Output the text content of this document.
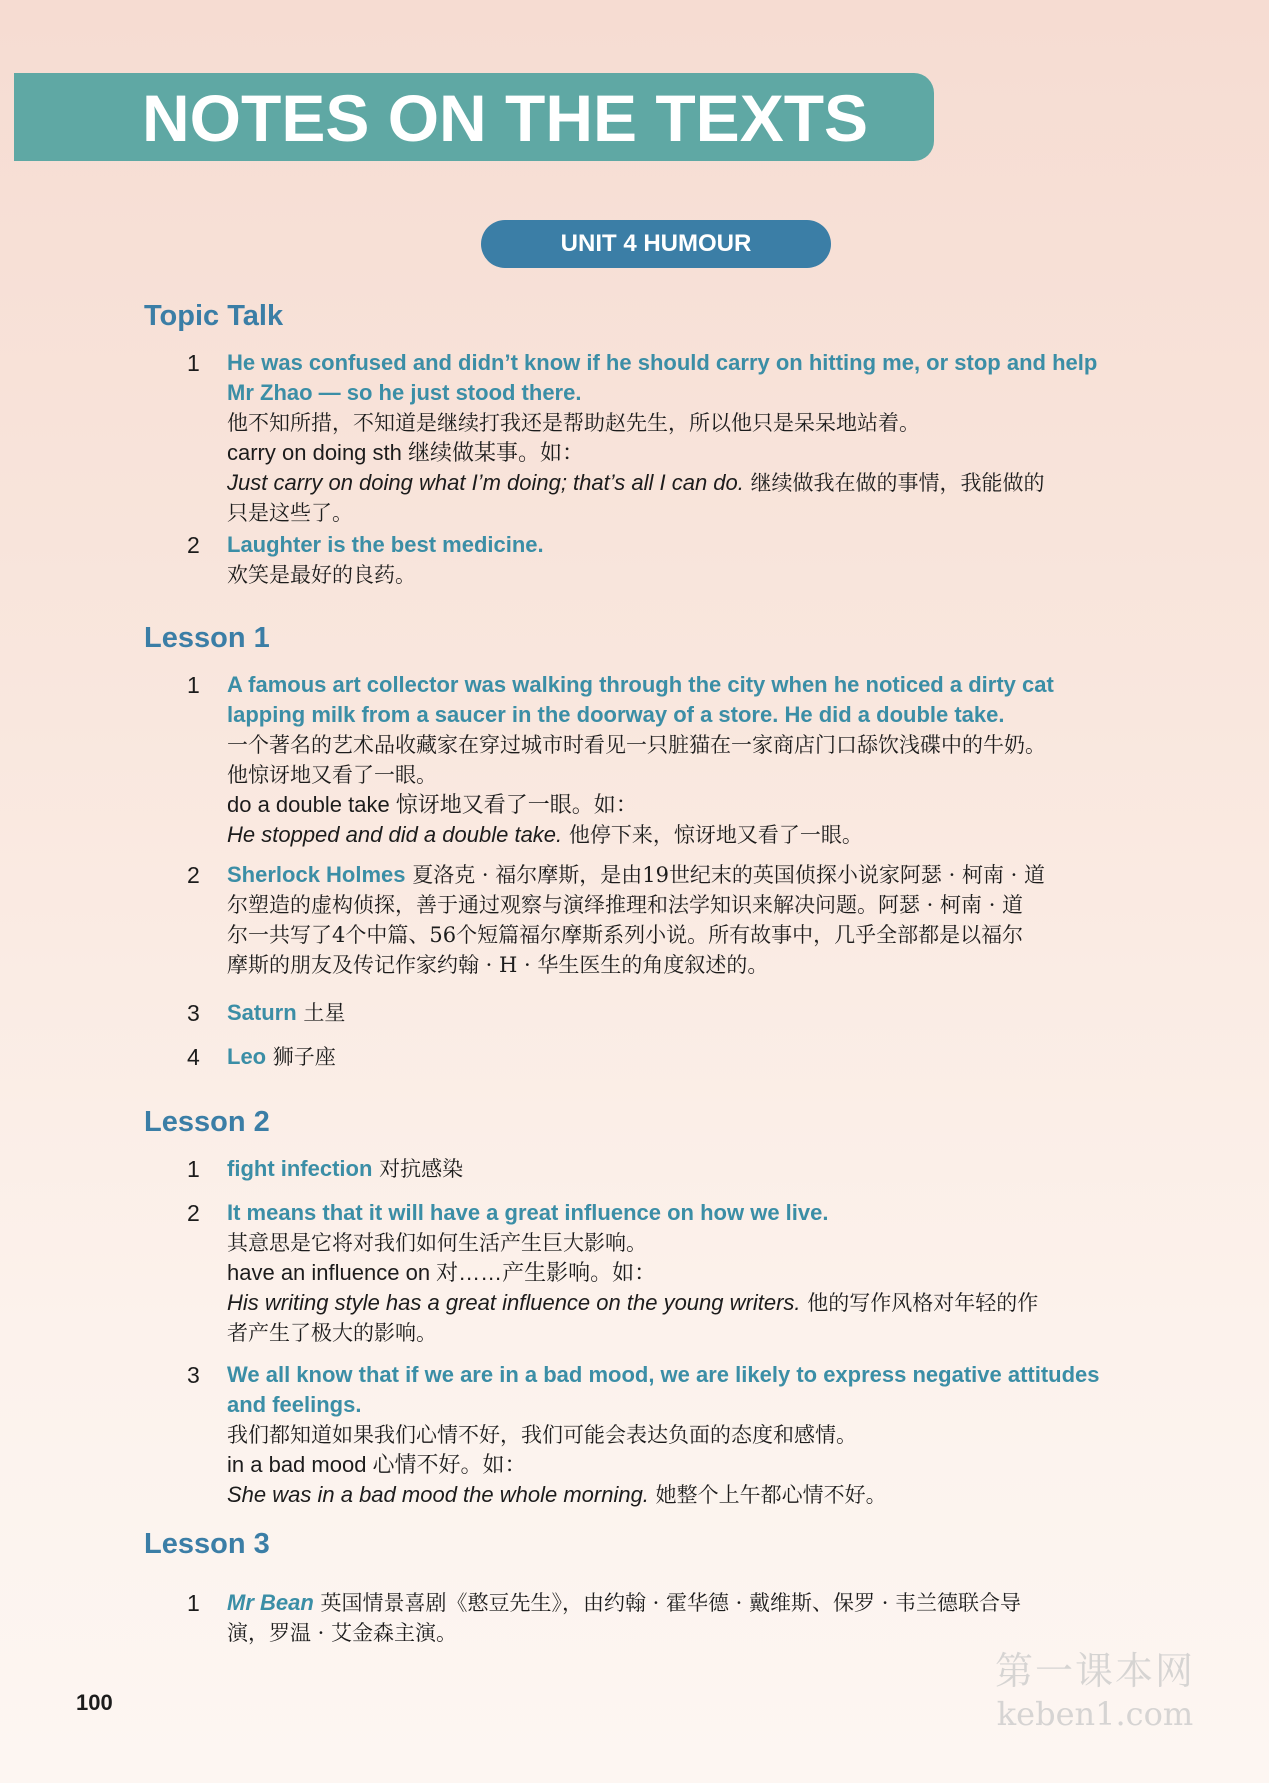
NOTES ON THE TEXTS
UNIT 4 HUMOUR
Topic Talk
1 He was confused and didn’t know if he should carry on hitting me, or stop and help

Mr Zhao — so he just stood there.

他不知所措，不知道是继续打我还是帮助赵先生，所以他只是呆呆地站着。

carry on doing sth 继续做某事。如：

Just carry on doing what I’m doing; that’s all I can do. 继续做我在做的事情，我能做的

只是这些了。

2 Laughter is the best medicine.

欢笑是最好的良药。

Lesson 1
1 A famous art collector was walking through the city when he noticed a dirty cat

lapping milk from a saucer in the doorway of a store. He did a double take.

一个著名的艺术品收藏家在穿过城市时看见一只脏猫在一家商店门口舔饮浅碟中的牛奶。

他惊讶地又看了一眼。

do a double take 惊讶地又看了一眼。如：

He stopped and did a double take. 他停下来，惊讶地又看了一眼。

2 Sherlock Holmes 夏洛克 · 福尔摩斯，是由19世纪末的英国侦探小说家阿瑟 · 柯南 · 道

尔塑造的虚构侦探，善于通过观察与演绎推理和法学知识来解决问题。阿瑟 · 柯南 · 道

尔一共写了4个中篇、56个短篇福尔摩斯系列小说。所有故事中，几乎全部都是以福尔

摩斯的朋友及传记作家约翰 · H · 华生医生的角度叙述的。

3 Saturn 土星

4 Leo 狮子座

Lesson 2
1 fight infection 对抗感染

2 It means that it will have a great influence on how we live.

其意思是它将对我们如何生活产生巨大影响。

have an influence on 对……产生影响。如：

His writing style has a great influence on the young writers. 他的写作风格对年轻的作

者产生了极大的影响。

3 We all know that if we are in a bad mood, we are likely to express negative attitudes

and feelings.

我们都知道如果我们心情不好，我们可能会表达负面的态度和感情。

in a bad mood 心情不好。如：

She was in a bad mood the whole morning. 她整个上午都心情不好。

Lesson 3
1 Mr Bean 英国情景喜剧《憨豆先生》，由约翰 · 霍华德 · 戴维斯、保罗 · 韦兰德联合导

演，罗温 · 艾金森主演。

100
第一课本网
keben1.com
